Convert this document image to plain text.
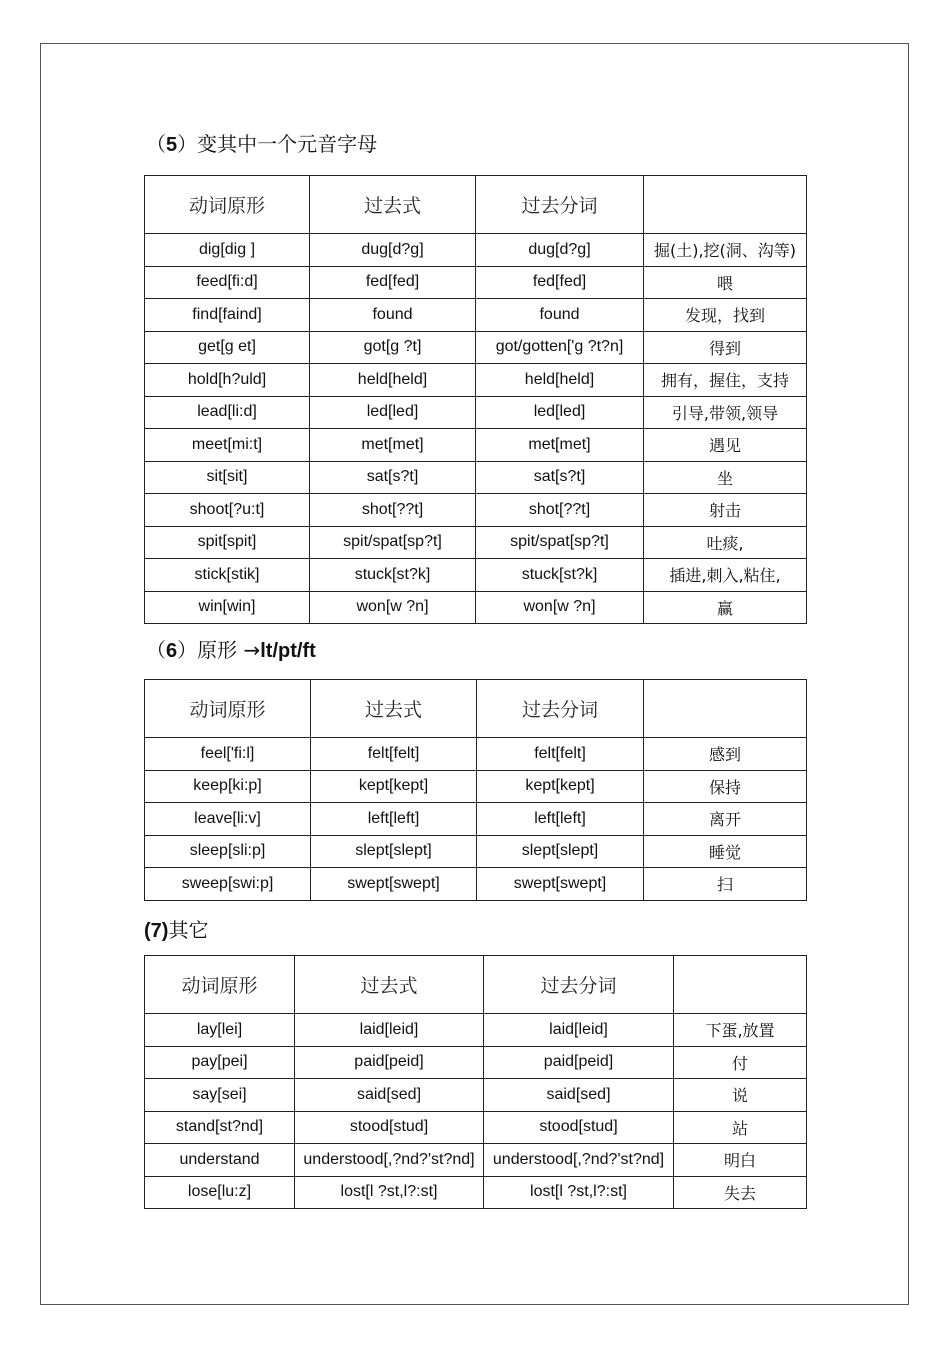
（5）变其中一个元音字母
动词原形	过去式	过去分词	
dig[diɡ ]	dug[d?ɡ]	dug[d?ɡ]	掘(土),挖(洞、沟等)
feed[fi:d]	fed[fed]	fed[fed]	喂
find[faind]	found	found	发现，找到
get[ɡ et]	got[ɡ ?t]	got/gotten['ɡ ?t?n]	得到
hold[h?uld]	held[held]	held[held]	拥有，握住，支持
lead[li:d]	led[led]	led[led]	引导,带领,领导
meet[mi:t]	met[met]	met[met]	遇见
sit[sit]	sat[s?t]	sat[s?t]	坐
shoot[?u:t]	shot[??t]	shot[??t]	射击
spit[spit]	spit/spat[sp?t]	spit/spat[sp?t]	吐痰,
stick[stik]	stuck[st?k]	stuck[st?k]	插进,刺入,粘住,
win[win]	won[w ?n]	won[w ?n]	赢
（6）原形 →lt/pt/ft
动词原形	过去式	过去分词	
feel['fi:l]	felt[felt]	felt[felt]	感到
keep[ki:p]	kept[kept]	kept[kept]	保持
leave[li:v]	left[left]	left[left]	离开
sleep[sli:p]	slept[slept]	slept[slept]	睡觉
sweep[swi:p]	swept[swept]	swept[swept]	扫
(7)其它
动词原形	过去式	过去分词	
lay[lei]	laid[leid]	laid[leid]	下蛋,放置
pay[pei]	paid[peid]	paid[peid]	付
say[sei]	said[sed]	said[sed]	说
stand[st?nd]	stood[stud]	stood[stud]	站
understand	understood[,?nd?'st?nd]	understood[,?nd?'st?nd]	明白
lose[lu:z]	lost[l ?st,l?:st]	lost[l ?st,l?:st]	失去
